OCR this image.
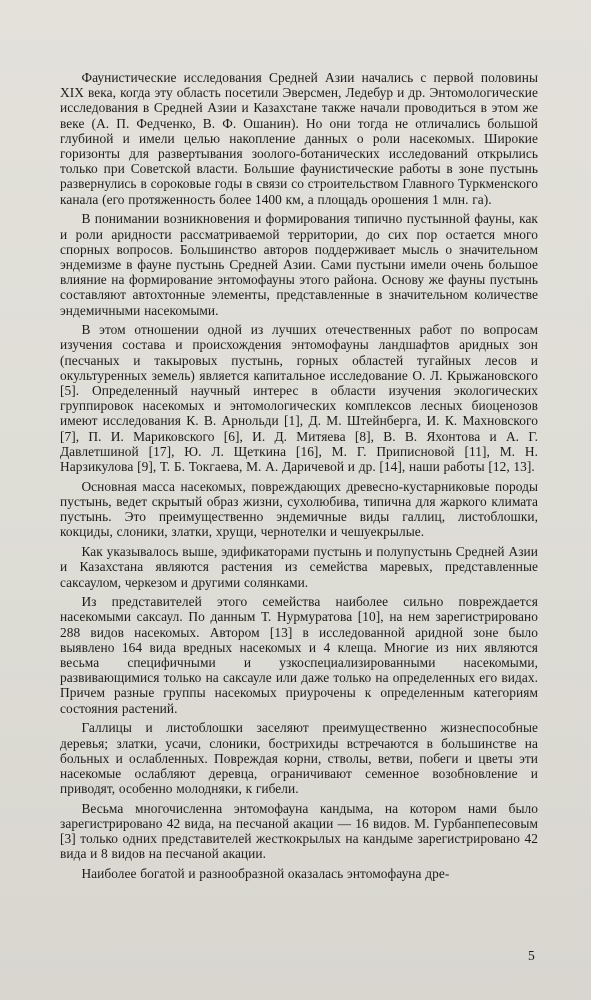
Фаунистические исследования Средней Азии начались с первой половины XIX века, когда эту область посетили Эверсмен, Ледебур и др. Энтомологические исследования в Средней Азии и Казахстане также начали проводиться в этом же веке (А. П. Федченко, В. Ф. Ошанин). Но они тогда не отличались большой глубиной и имели целью накопление данных о роли насекомых. Широкие горизонты для развертывания зоолого-ботанических исследований открылись только при Советской власти. Большие фаунистические работы в зоне пустынь развернулись в сороковые годы в связи со строительством Главного Туркменского канала (его протяженность более 1400 км, а площадь орошения 1 млн. га).

В понимании возникновения и формирования типично пустынной фауны, как и роли аридности рассматриваемой территории, до сих пор остается много спорных вопросов. Большинство авторов поддерживает мысль о значительном эндемизме в фауне пустынь Средней Азии. Сами пустыни имели очень большое влияние на формирование энтомофауны этого района. Основу же фауны пустынь составляют автохтонные элементы, представленные в значительном количестве эндемичными насекомыми.

В этом отношении одной из лучших отечественных работ по вопросам изучения состава и происхождения энтомофауны ландшафтов аридных зон (песчаных и такыровых пустынь, горных областей тугайных лесов и окультуренных земель) является капитальное исследование О. Л. Крыжановского [5]. Определенный научный интерес в области изучения экологических группировок насекомых и энтомологических комплексов лесных биоценозов имеют исследования К. В. Арнольди [1], Д. М. Штейнберга, И. К. Махновского [7], П. И. Мариковского [6], И. Д. Митяева [8], В. В. Яхонтова и А. Г. Давлетшиной [17], Ю. Л. Щеткина [16], М. Г. Приписновой [11], М. Н. Нарзикулова [9], Т. Б. Токгаева, М. А. Даричевой и др. [14], наши работы [12, 13].

Основная масса насекомых, повреждающих древесно-кустарниковые породы пустынь, ведет скрытый образ жизни, сухолюбива, типична для жаркого климата пустынь. Это преимущественно эндемичные виды галлиц, листоблошки, кокциды, слоники, златки, хрущи, чернотелки и чешуекрылые.

Как указывалось выше, эдификаторами пустынь и полупустынь Средней Азии и Казахстана являются растения из семейства маревых, представленные саксаулом, черкезом и другими солянками.

Из представителей этого семейства наиболее сильно повреждается насекомыми саксаул. По данным Т. Нурмуратова [10], на нем зарегистрировано 288 видов насекомых. Автором [13] в исследованной аридной зоне было выявлено 164 вида вредных насекомых и 4 клеща. Многие из них являются весьма специфичными и узкоспециализированными насекомыми, развивающимися только на саксауле или даже только на определенных его видах. Причем разные группы насекомых приурочены к определенным категориям состояния растений.

Галлицы и листоблошки заселяют преимущественно жизнеспособные деревья; златки, усачи, слоники, бострихиды встречаются в большинстве на больных и ослабленных. Повреждая корни, стволы, ветви, побеги и цветы эти насекомые ослабляют деревца, ограничивают семенное возобновление и приводят, особенно молодняки, к гибели.

Весьма многочисленна энтомофауна кандыма, на котором нами было зарегистрировано 42 вида, на песчаной акации — 16 видов. М. Гурбанпепесовым [3] только одних представителей жесткокрылых на кандыме зарегистрировано 42 вида и 8 видов на песчаной акации.

Наиболее богатой и разнообразной оказалась энтомофауна дре-

5
